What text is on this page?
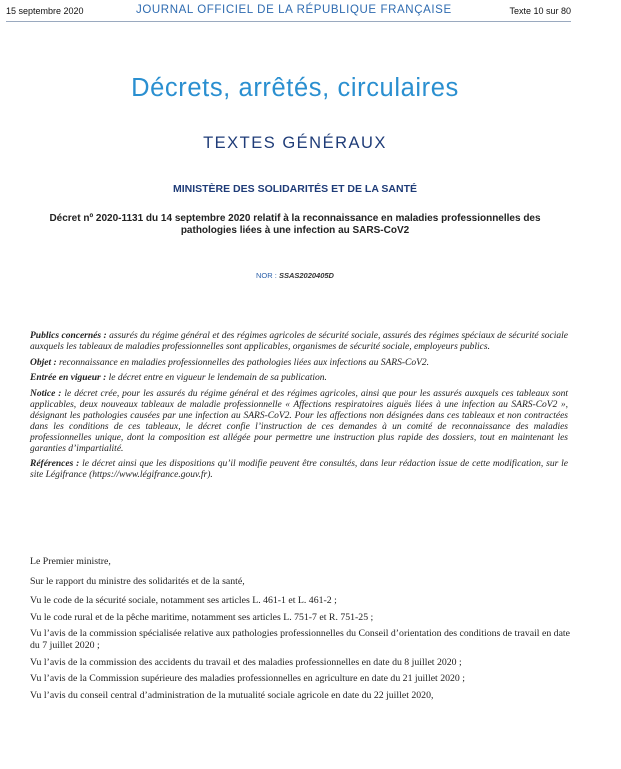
15 septembre 2020	JOURNAL OFFICIEL DE LA RÉPUBLIQUE FRANÇAISE	Texte 10 sur 80
Décrets, arrêtés, circulaires
TEXTES GÉNÉRAUX
MINISTÈRE DES SOLIDARITÉS ET DE LA SANTÉ
Décret nº 2020-1131 du 14 septembre 2020 relatif à la reconnaissance en maladies professionnelles des pathologies liées à une infection au SARS-CoV2
NOR : SSAS2020405D

Publics concernés : assurés du régime général et des régimes agricoles de sécurité sociale, assurés des régimes spéciaux de sécurité sociale auxquels les tableaux de maladies professionnelles sont applicables, organismes de sécurité sociale, employeurs publics.

Objet : reconnaissance en maladies professionnelles des pathologies liées aux infections au SARS-CoV2.

Entrée en vigueur : le décret entre en vigueur le lendemain de sa publication.

Notice : le décret crée, pour les assurés du régime général et des régimes agricoles, ainsi que pour les assurés auxquels ces tableaux sont applicables, deux nouveaux tableaux de maladie professionnelle « Affections respiratoires aiguës liées à une infection au SARS-CoV2 », désignant les pathologies causées par une infection au SARS-CoV2. Pour les affections non désignées dans ces tableaux et non contractées dans les conditions de ces tableaux, le décret confie l’instruction de ces demandes à un comité de reconnaissance des maladies professionnelles unique, dont la composition est allégée pour permettre une instruction plus rapide des dossiers, tout en maintenant les garanties d’impartialité.

Références : le décret ainsi que les dispositions qu’il modifie peuvent être consultés, dans leur rédaction issue de cette modification, sur le site Légifrance (https://www.légifrance.gouv.fr).

Le Premier ministre,

Sur le rapport du ministre des solidarités et de la santé,

Vu le code de la sécurité sociale, notamment ses articles L. 461-1 et L. 461-2 ;

Vu le code rural et de la pêche maritime, notamment ses articles L. 751-7 et R. 751-25 ;

Vu l’avis de la commission spécialisée relative aux pathologies professionnelles du Conseil d’orientation des conditions de travail en date du 7 juillet 2020 ;

Vu l’avis de la commission des accidents du travail et des maladies professionnelles en date du 8 juillet 2020 ;

Vu l’avis de la Commission supérieure des maladies professionnelles en agriculture en date du 21 juillet 2020 ;

Vu l’avis du conseil central d’administration de la mutualité sociale agricole en date du 22 juillet 2020,
